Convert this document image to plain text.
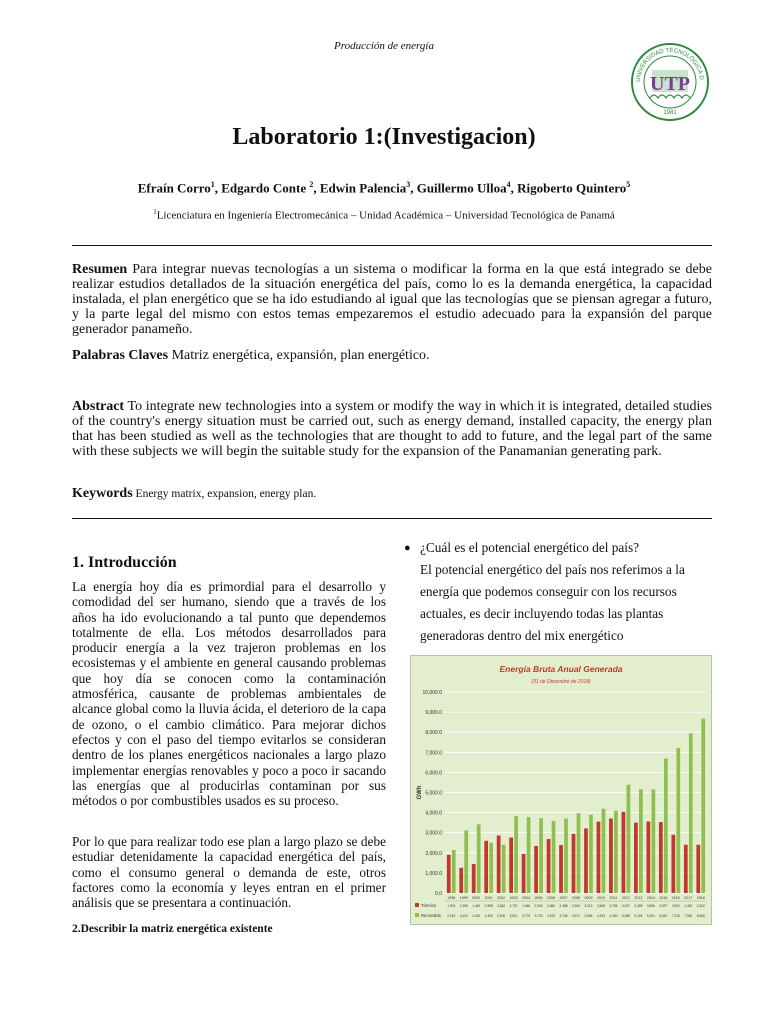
Producción de energía
UNIVERSIDAD TECNOLÓGICA D
UTP
1981
Laboratorio 1:(Investigacion)
Efraín Corro$^1$, Edgardo Conte $^2$, Edwin Palencia$^3$, Guillermo Ulloa$^4$, Rigoberto Quintero$^5$
$^1$Licenciatura en Ingeniería Electromecánica – Unidad Académica – Universidad Tecnológica de Panamá
Resumen Para integrar nuevas tecnologías a un sistema o modificar la forma en la que está integrado se debe realizar estudios detallados de la situación energética del país, como lo es la demanda energética, la capacidad instalada, el plan energético que se ha ido estudiando al igual que las tecnologías que se piensan agregar a futuro, y la parte legal del mismo con estos temas empezaremos el estudio adecuado para la expansión del parque generador panameño.
Palabras Claves Matriz energética, expansión, plan energético.
Abstract To integrate new technologies into a system or modify the way in which it is integrated, detailed studies of the country's energy situation must be carried out, such as energy demand, installed capacity, the energy plan that has been studied as well as the technologies that are thought to add to future, and the legal part of the same with these subjects we will begin the suitable study for the expansion of the Panamanian generating park.
Keywords Energy matrix, expansion, energy plan.
1. Introducción
La energía hoy día es primordial para el desarrollo y comodidad del ser humano, siendo que a través de los años ha ido evolucionando a tal punto que dependemos totalmente de ella. Los métodos desarrollados para producir energía a la vez trajeron problemas en los ecosistemas y el ambiente en general causando problemas que hoy día se conocen como la contaminación atmosférica, causante de problemas ambientales de alcance global como la lluvia ácida, el deterioro de la capa de ozono, o el cambio climático. Para mejorar dichos efectos y con el paso del tiempo evitarlos se consideran dentro de los planes energéticos nacionales a largo plazo implementar energías renovables y poco a poco ir sacando las energías que al producirlas contaminan por sus métodos o por combustibles usados es su proceso.
Por lo que para realizar todo ese plan a largo plazo se debe estudiar detenidamente la capacidad energética del país, como el consumo general o demanda de este, otros factores como la economía y leyes entran en el primer análisis que se presentara a continuación.
2.Describir la matriz energética existente
● ¿Cuál es el potencial energético del país?
El potencial energético del país nos referimos a la energía que podemos conseguir con los recursos actuales, es decir incluyendo todas las plantas generadoras dentro del mix energético
Energía Bruta Anual Generada
(31 de Diciembre de 2018)
0.0
1,000.0
2,000.0
3,000.0
4,000.0
5,000.0
6,000.0
7,000.0
8,000.0
9,000.0
10,000.0
GWh
1998 1999 2000 2001 2002 2003 2004 2005 2006 2007 2008 2009 2010 2011 2012 2013 2014 2015 2016 2017 2018
Térmico	1,903 1,255 1,440 2,598 2,862 2,757 1,946 2,343 2,684 2,388 2,940 3,213 3,548 3,706 4,037 3,499 3,556 3,527 2,900 2,402 2,402
Renovable 2,140 3,115 3,420 2,499 2,400 3,821 3,779 3,723 3,579 3,706 3,971 3,896 4,193 4,090 5,388 5,155 5,151 6,691 7,219 7,950 8,680
